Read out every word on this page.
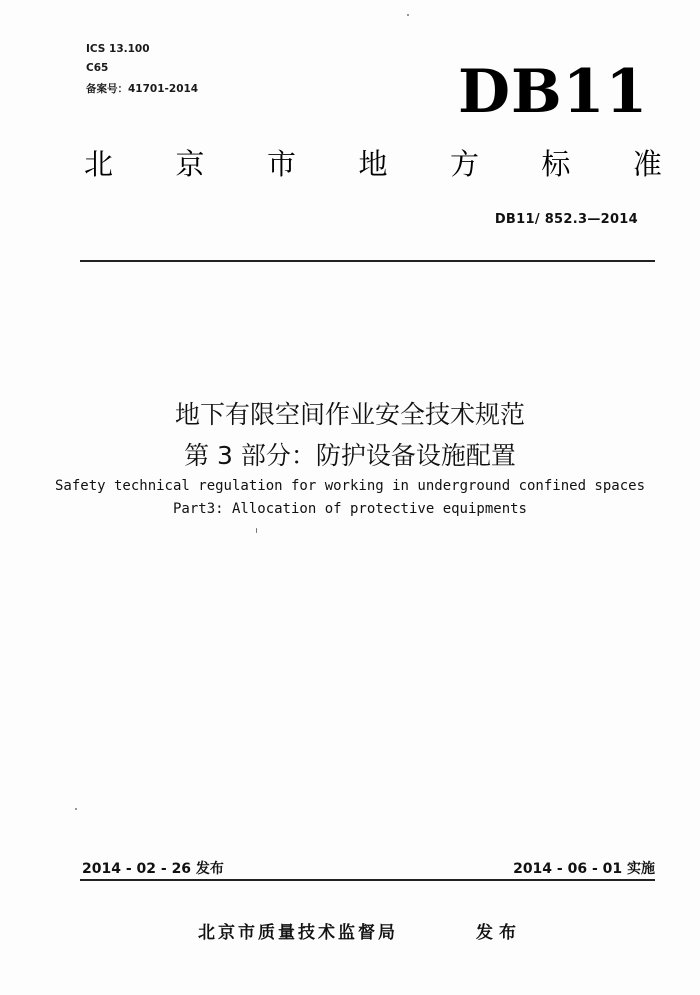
ICS 13.100
C65
备案号：41701-2014	DB11
北 京 市 地 方 标 准
DB11/ 852.3—2014
地下有限空间作业安全技术规范
第 3 部分：防护设备设施配置
Safety technical regulation for working in underground confined spaces
Part3: Allocation of protective equipments
2014 - 02 - 26 发布	2014 - 06 - 01 实施
北京市质量技术监督局	发布
